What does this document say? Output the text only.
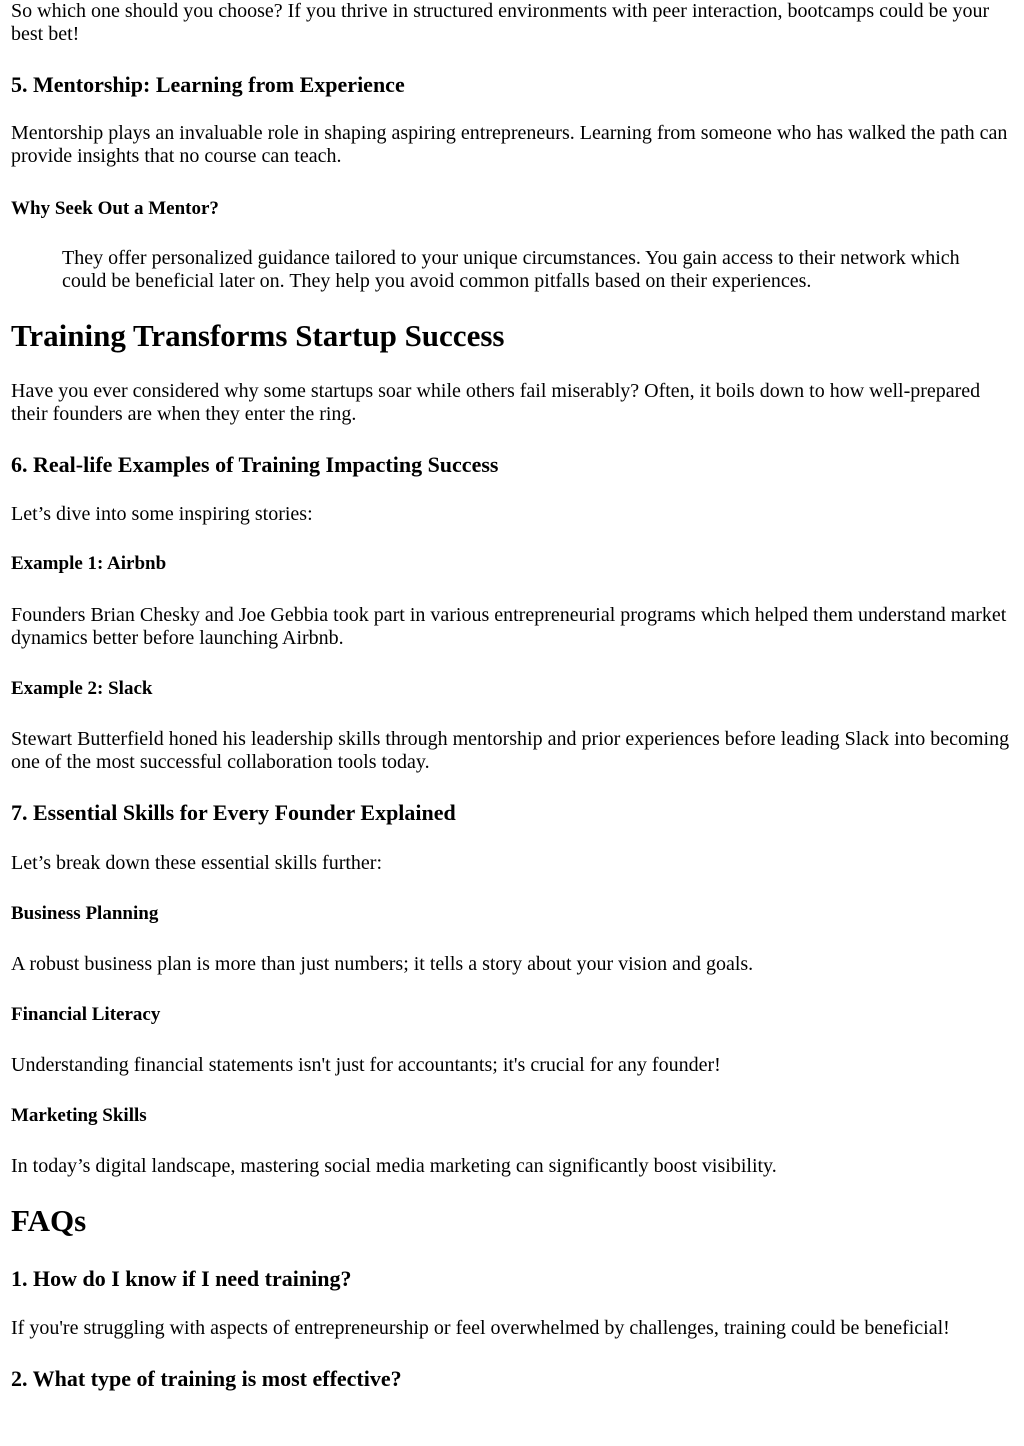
So which one should you choose? If you thrive in structured environments with peer interaction, bootcamps could be your best bet!

5. Mentorship: Learning from Experience

Mentorship plays an invaluable role in shaping aspiring entrepreneurs. Learning from someone who has walked the path can provide insights that no course can teach.

Why Seek Out a Mentor?

They offer personalized guidance tailored to your unique circumstances. You gain access to their network which could be beneficial later on. They help you avoid common pitfalls based on their experiences.

Training Transforms Startup Success

Have you ever considered why some startups soar while others fail miserably? Often, it boils down to how well-prepared their founders are when they enter the ring.

6. Real-life Examples of Training Impacting Success

Let’s dive into some inspiring stories:

Example 1: Airbnb

Founders Brian Chesky and Joe Gebbia took part in various entrepreneurial programs which helped them understand market dynamics better before launching Airbnb.

Example 2: Slack

Stewart Butterfield honed his leadership skills through mentorship and prior experiences before leading Slack into becoming one of the most successful collaboration tools today.

7. Essential Skills for Every Founder Explained

Let’s break down these essential skills further:

Business Planning

A robust business plan is more than just numbers; it tells a story about your vision and goals.

Financial Literacy

Understanding financial statements isn't just for accountants; it's crucial for any founder!

Marketing Skills

In today’s digital landscape, mastering social media marketing can significantly boost visibility.

FAQs
1. How do I know if I need training?

If you're struggling with aspects of entrepreneurship or feel overwhelmed by challenges, training could be beneficial!

2. What type of training is most effective?
